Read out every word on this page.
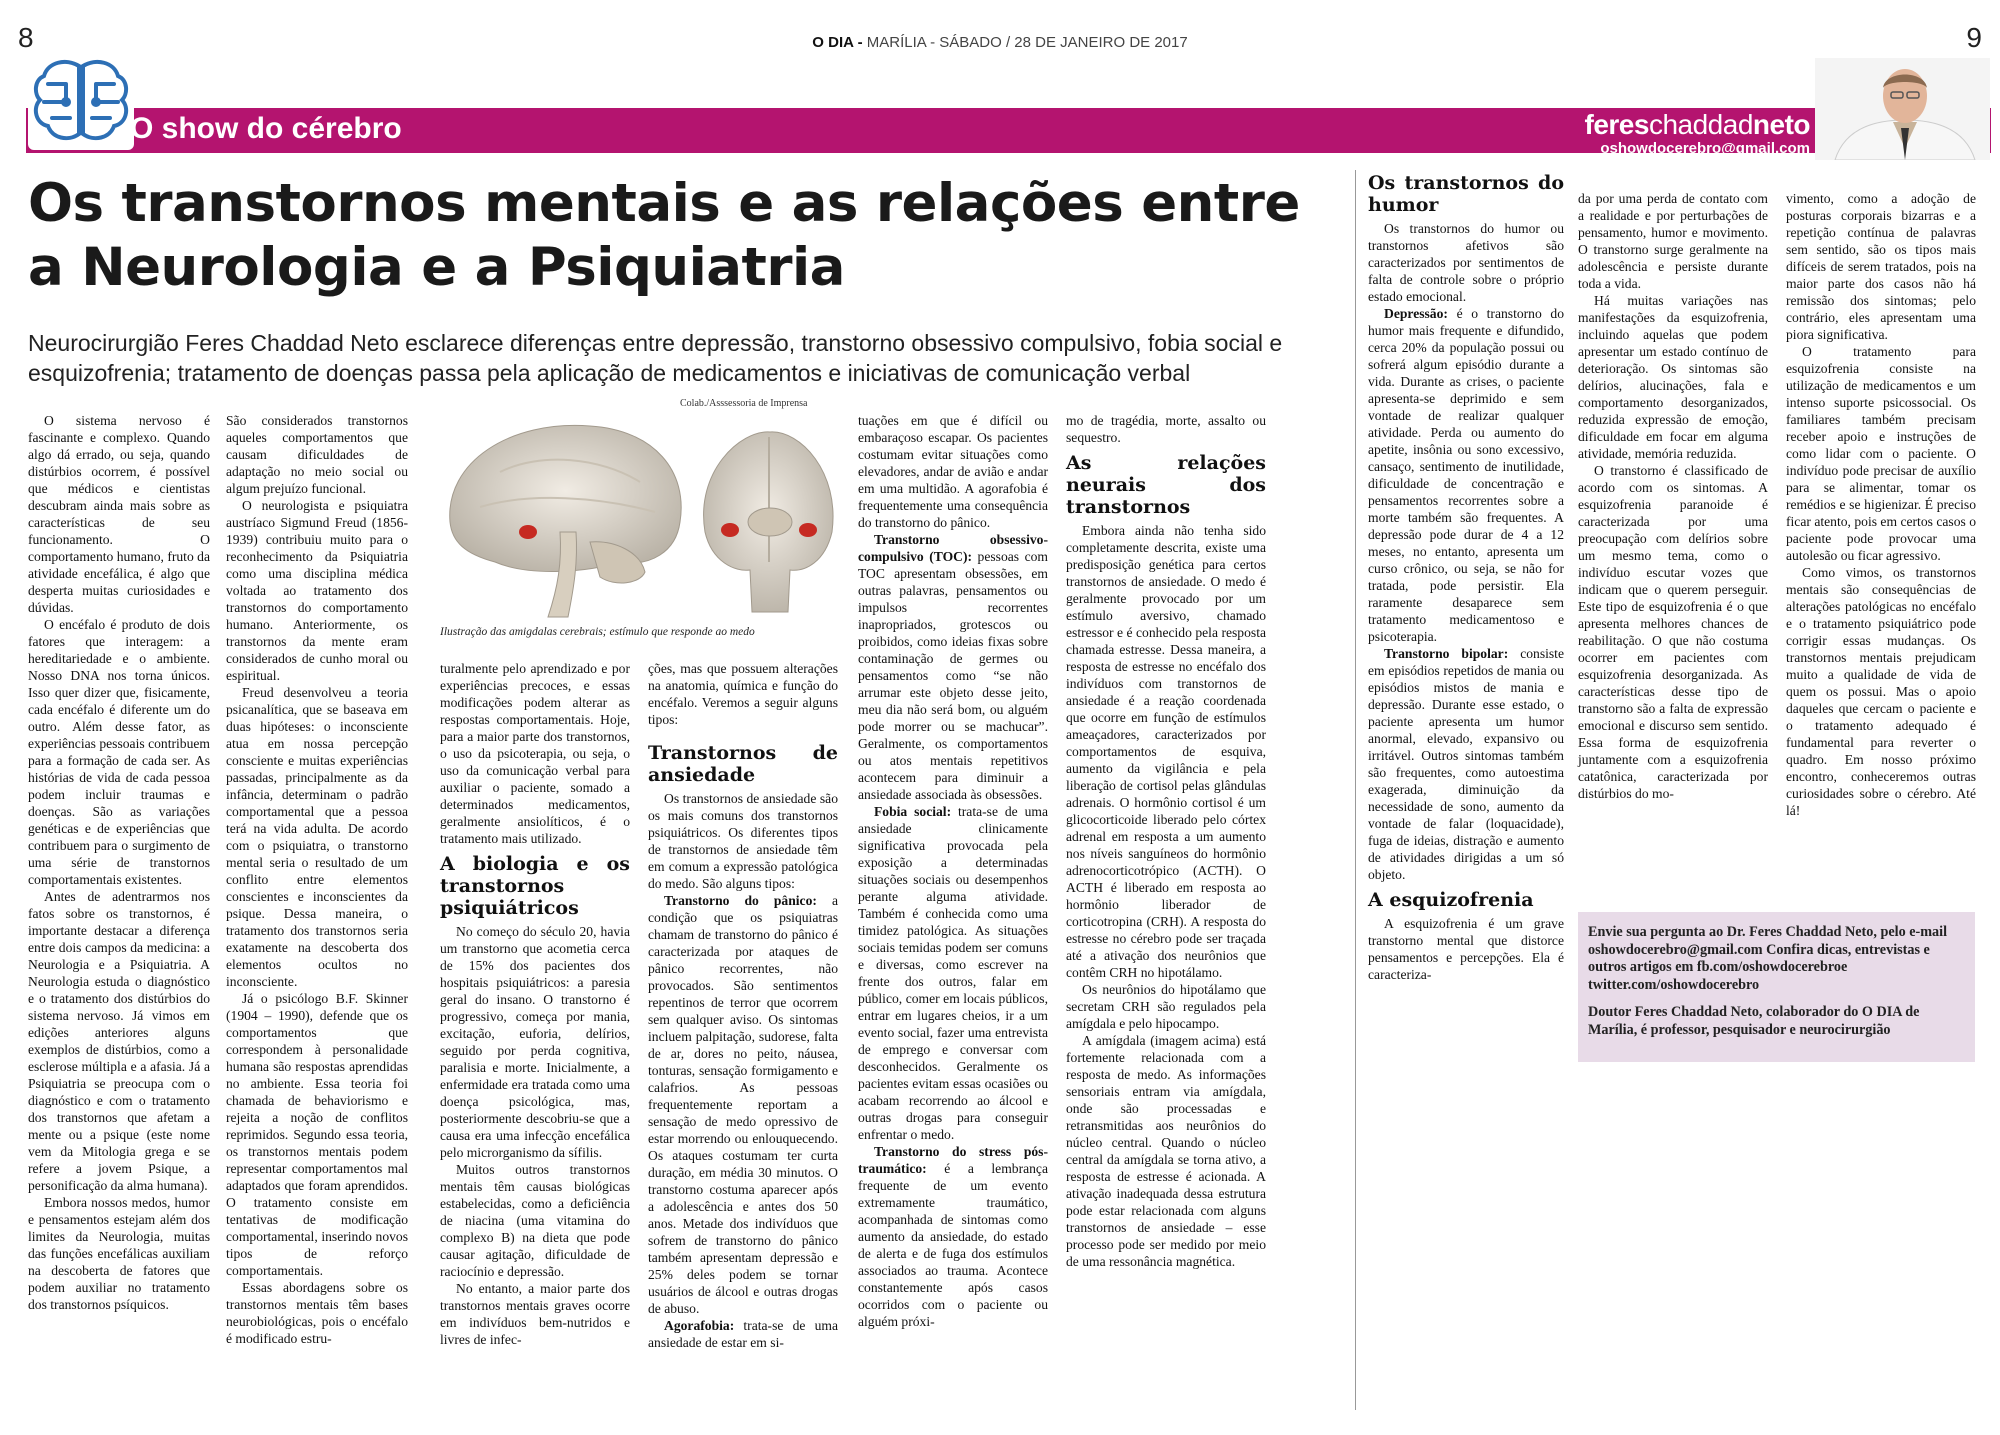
8	9
O DIA - MARÍLIA - SÁBADO / 28 DE JANEIRO DE 2017
O show do cérebro	fereschaddadneto
oshowdocerebro@gmail.com
Os transtornos mentais e as relações entre a Neurologia e a Psiquiatria
Neurocirurgião Feres Chaddad Neto esclarece diferenças entre depressão, transtorno obsessivo compulsivo, fobia social e esquizofrenia; tratamento de doenças passa pela aplicação de medicamentos e iniciativas de comunicação verbal

O sistema nervoso é fascinante e complexo. Quando algo dá errado, ou seja, quando distúrbios ocorrem, é possível que médicos e cientistas descubram ainda mais sobre as características de seu funcionamento. O comportamento humano, fruto da atividade encefálica, é algo que desperta muitas curiosidades e dúvidas.

O encéfalo é produto de dois fatores que interagem: a hereditariedade e o ambiente. Nosso DNA nos torna únicos. Isso quer dizer que, fisicamente, cada encéfalo é diferente um do outro. Além desse fator, as experiências pessoais contribuem para a formação de cada ser. As histórias de vida de cada pessoa podem incluir traumas e doenças. São as variações genéticas e de experiências que contribuem para o surgimento de uma série de transtornos comportamentais existentes.

Antes de adentrarmos nos fatos sobre os transtornos, é importante destacar a diferença entre dois campos da medicina: a Neurologia e a Psiquiatria. A Neurologia estuda o diagnóstico e o tratamento dos distúrbios do sistema nervoso. Já vimos em edições anteriores alguns exemplos de distúrbios, como a esclerose múltipla e a afasia. Já a Psiquiatria se preocupa com o diagnóstico e com o tratamento dos transtornos que afetam a mente ou a psique (este nome vem da Mitologia grega e se refere a jovem Psique, a personificação da alma humana).

Embora nossos medos, humor e pensamentos estejam além dos limites da Neurologia, muitas das funções encefálicas auxiliam na descoberta de fatores que podem auxiliar no tratamento dos transtornos psíquicos.

São considerados transtornos aqueles comportamentos que causam dificuldades de adaptação no meio social ou algum prejuízo funcional.

O neurologista e psiquiatra austríaco Sigmund Freud (1856-1939) contribuiu muito para o reconhecimento da Psiquiatria como uma disciplina médica voltada ao tratamento dos transtornos do comportamento humano. Anteriormente, os transtornos da mente eram considerados de cunho moral ou espiritual.

Freud desenvolveu a teoria psicanalítica, que se baseava em duas hipóteses: o inconsciente atua em nossa percepção consciente e muitas experiências passadas, principalmente as da infância, determinam o padrão comportamental que a pessoa terá na vida adulta. De acordo com o psiquiatra, o transtorno mental seria o resultado de um conflito entre elementos conscientes e inconscientes da psique. Dessa maneira, o tratamento dos transtornos seria exatamente na descoberta dos elementos ocultos no inconsciente.

Já o psicólogo B.F. Skinner (1904 – 1990), defende que os comportamentos que correspondem à personalidade humana são respostas aprendidas no ambiente. Essa teoria foi chamada de behaviorismo e rejeita a noção de conflitos reprimidos. Segundo essa teoria, os transtornos mentais podem representar comportamentos mal adaptados que foram aprendidos. O tratamento consiste em tentativas de modificação comportamental, inserindo novos tipos de reforço comportamentais.

Essas abordagens sobre os transtornos mentais têm bases neurobiológicas, pois o encéfalo é modificado estru-

Colab./Asssessoria de Imprensa
Ilustração das amigdalas cerebrais; estímulo que responde ao medo

turalmente pelo aprendizado e por experiências precoces, e essas modificações podem alterar as respostas comportamentais. Hoje, para a maior parte dos transtornos, o uso da psicoterapia, ou seja, o uso da comunicação verbal para auxiliar o paciente, somado a determinados medicamentos, geralmente ansiolíticos, é o tratamento mais utilizado.

A biologia e os transtornos psiquiátricos

No começo do século 20, havia um transtorno que acometia cerca de 15% dos pacientes dos hospitais psiquiátricos: a paresia geral do insano. O transtorno é progressivo, começa por mania, excitação, euforia, delírios, seguido por perda cognitiva, paralisia e morte. Inicialmente, a enfermidade era tratada como uma doença psicológica, mas, posteriormente descobriu-se que a causa era uma infecção encefálica pelo microrganismo da sífilis.

Muitos outros transtornos mentais têm causas biológicas estabelecidas, como a deficiência de niacina (uma vitamina do complexo B) na dieta que pode causar agitação, dificuldade de raciocínio e depressão.

No entanto, a maior parte dos transtornos mentais graves ocorre em indivíduos bem-nutridos e livres de infec-

ções, mas que possuem alterações na anatomia, química e função do encéfalo. Veremos a seguir alguns tipos:

Transtornos de ansiedade

Os transtornos de ansiedade são os mais comuns dos transtornos psiquiátricos. Os diferentes tipos de transtornos de ansiedade têm em comum a expressão patológica do medo. São alguns tipos:

Transtorno do pânico: a condição que os psiquiatras chamam de transtorno do pânico é caracterizada por ataques de pânico recorrentes, não provocados. São sentimentos repentinos de terror que ocorrem sem qualquer aviso. Os sintomas incluem palpitação, sudorese, falta de ar, dores no peito, náusea, tonturas, sensação formigamento e calafrios. As pessoas frequentemente reportam a sensação de medo opressivo de estar morrendo ou enlouquecendo. Os ataques costumam ter curta duração, em média 30 minutos. O transtorno costuma aparecer após a adolescência e antes dos 50 anos. Metade dos indivíduos que sofrem de transtorno do pânico também apresentam depressão e 25% deles podem se tornar usuários de álcool e outras drogas de abuso.

Agorafobia: trata-se de uma ansiedade de estar em si-

tuações em que é difícil ou embaraçoso escapar. Os pacientes costumam evitar situações como elevadores, andar de avião e andar em uma multidão. A agorafobia é frequentemente uma consequência do transtorno do pânico.

Transtorno obsessivo-compulsivo (TOC): pessoas com TOC apresentam obsessões, em outras palavras, pensamentos ou impulsos recorrentes inapropriados, grotescos ou proibidos, como ideias fixas sobre contaminação de germes ou pensamentos como “se não arrumar este objeto desse jeito, meu dia não será bom, ou alguém pode morrer ou se machucar”. Geralmente, os comportamentos ou atos mentais repetitivos acontecem para diminuir a ansiedade associada às obsessões.

Fobia social: trata-se de uma ansiedade clinicamente significativa provocada pela exposição a determinadas situações sociais ou desempenhos perante alguma atividade. Também é conhecida como uma timidez patológica. As situações sociais temidas podem ser comuns e diversas, como escrever na frente dos outros, falar em público, comer em locais públicos, entrar em lugares cheios, ir a um evento social, fazer uma entrevista de emprego e conversar com desconhecidos. Geralmente os pacientes evitam essas ocasiões ou acabam recorrendo ao álcool e outras drogas para conseguir enfrentar o medo.

Transtorno do stress pós-traumático: é a lembrança frequente de um evento extremamente traumático, acompanhada de sintomas como aumento da ansiedade, do estado de alerta e de fuga dos estímulos associados ao trauma. Acontece constantemente após casos ocorridos com o paciente ou alguém próxi-

mo de tragédia, morte, assalto ou sequestro.

As relações neurais dos transtornos

Embora ainda não tenha sido completamente descrita, existe uma predisposição genética para certos transtornos de ansiedade. O medo é geralmente provocado por um estímulo aversivo, chamado estressor e é conhecido pela resposta chamada estresse. Dessa maneira, a resposta de estresse no encéfalo dos indivíduos com transtornos de ansiedade é a reação coordenada que ocorre em função de estímulos ameaçadores, caracterizados por comportamentos de esquiva, aumento da vigilância e pela liberação de cortisol pelas glândulas adrenais. O hormônio cortisol é um glicocorticoide liberado pelo córtex adrenal em resposta a um aumento nos níveis sanguíneos do hormônio adrenocorticotrópico (ACTH). O ACTH é liberado em resposta ao hormônio liberador de corticotropina (CRH). A resposta do estresse no cérebro pode ser traçada até a ativação dos neurônios que contêm CRH no hipotálamo.

Os neurônios do hipotálamo que secretam CRH são regulados pela amígdala e pelo hipocampo.

A amígdala (imagem acima) está fortemente relacionada com a resposta de medo. As informações sensoriais entram via amígdala, onde são processadas e retransmitidas aos neurônios do núcleo central. Quando o núcleo central da amígdala se torna ativo, a resposta de estresse é acionada. A ativação inadequada dessa estrutura pode estar relacionada com alguns transtornos de ansiedade – esse processo pode ser medido por meio de uma ressonância magnética.

Os transtornos do humor

Os transtornos do humor ou transtornos afetivos são caracterizados por sentimentos de falta de controle sobre o próprio estado emocional.

Depressão: é o transtorno do humor mais frequente e difundido, cerca 20% da população possui ou sofrerá algum episódio durante a vida. Durante as crises, o paciente apresenta-se deprimido e sem vontade de realizar qualquer atividade. Perda ou aumento do apetite, insônia ou sono excessivo, cansaço, sentimento de inutilidade, dificuldade de concentração e pensamentos recorrentes sobre a morte também são frequentes. A depressão pode durar de 4 a 12 meses, no entanto, apresenta um curso crônico, ou seja, se não for tratada, pode persistir. Ela raramente desaparece sem tratamento medicamentoso e psicoterapia.

Transtorno bipolar: consiste em episódios repetidos de mania ou episódios mistos de mania e depressão. Durante esse estado, o paciente apresenta um humor anormal, elevado, expansivo ou irritável. Outros sintomas também são frequentes, como autoestima exagerada, diminuição da necessidade de sono, aumento da vontade de falar (loquacidade), fuga de ideias, distração e aumento de atividades dirigidas a um só objeto.

A esquizofrenia

A esquizofrenia é um grave transtorno mental que distorce pensamentos e percepções. Ela é caracteriza-

da por uma perda de contato com a realidade e por perturbações de pensamento, humor e movimento. O transtorno surge geralmente na adolescência e persiste durante toda a vida.

Há muitas variações nas manifestações da esquizofrenia, incluindo aquelas que podem apresentar um estado contínuo de deterioração. Os sintomas são delírios, alucinações, fala e comportamento desorganizados, reduzida expressão de emoção, dificuldade em focar em alguma atividade, memória reduzida.

O transtorno é classificado de acordo com os sintomas. A esquizofrenia paranoide é caracterizada por uma preocupação com delírios sobre um mesmo tema, como o indivíduo escutar vozes que indicam que o querem perseguir. Este tipo de esquizofrenia é o que apresenta melhores chances de reabilitação. O que não costuma ocorrer em pacientes com esquizofrenia desorganizada. As características desse tipo de transtorno são a falta de expressão emocional e discurso sem sentido. Essa forma de esquizofrenia juntamente com a esquizofrenia catatônica, caracterizada por distúrbios do mo-

vimento, como a adoção de posturas corporais bizarras e a repetição contínua de palavras sem sentido, são os tipos mais difíceis de serem tratados, pois na maior parte dos casos não há remissão dos sintomas; pelo contrário, eles apresentam uma piora significativa.

O tratamento para esquizofrenia consiste na utilização de medicamentos e um intenso suporte psicossocial. Os familiares também precisam receber apoio e instruções de como lidar com o paciente. O indivíduo pode precisar de auxílio para se alimentar, tomar os remédios e se higienizar. É preciso ficar atento, pois em certos casos o paciente pode provocar uma autolesão ou ficar agressivo.

Como vimos, os transtornos mentais são consequências de alterações patológicas no encéfalo e o tratamento psiquiátrico pode corrigir essas mudanças. Os transtornos mentais prejudicam muito a qualidade de vida de quem os possui. Mas o apoio daqueles que cercam o paciente e o tratamento adequado é fundamental para reverter o quadro. Em nosso próximo encontro, conheceremos outras curiosidades sobre o cérebro. Até lá!

Envie sua pergunta ao Dr. Feres Chaddad Neto, pelo e-mail oshowdocerebro@gmail.com Confira dicas, entrevistas e outros artigos em fb.com/oshowdocerebroe twitter.com/oshowdocerebro

Doutor Feres Chaddad Neto, colaborador do O DIA de Marília, é professor, pesquisador e neurocirurgião
